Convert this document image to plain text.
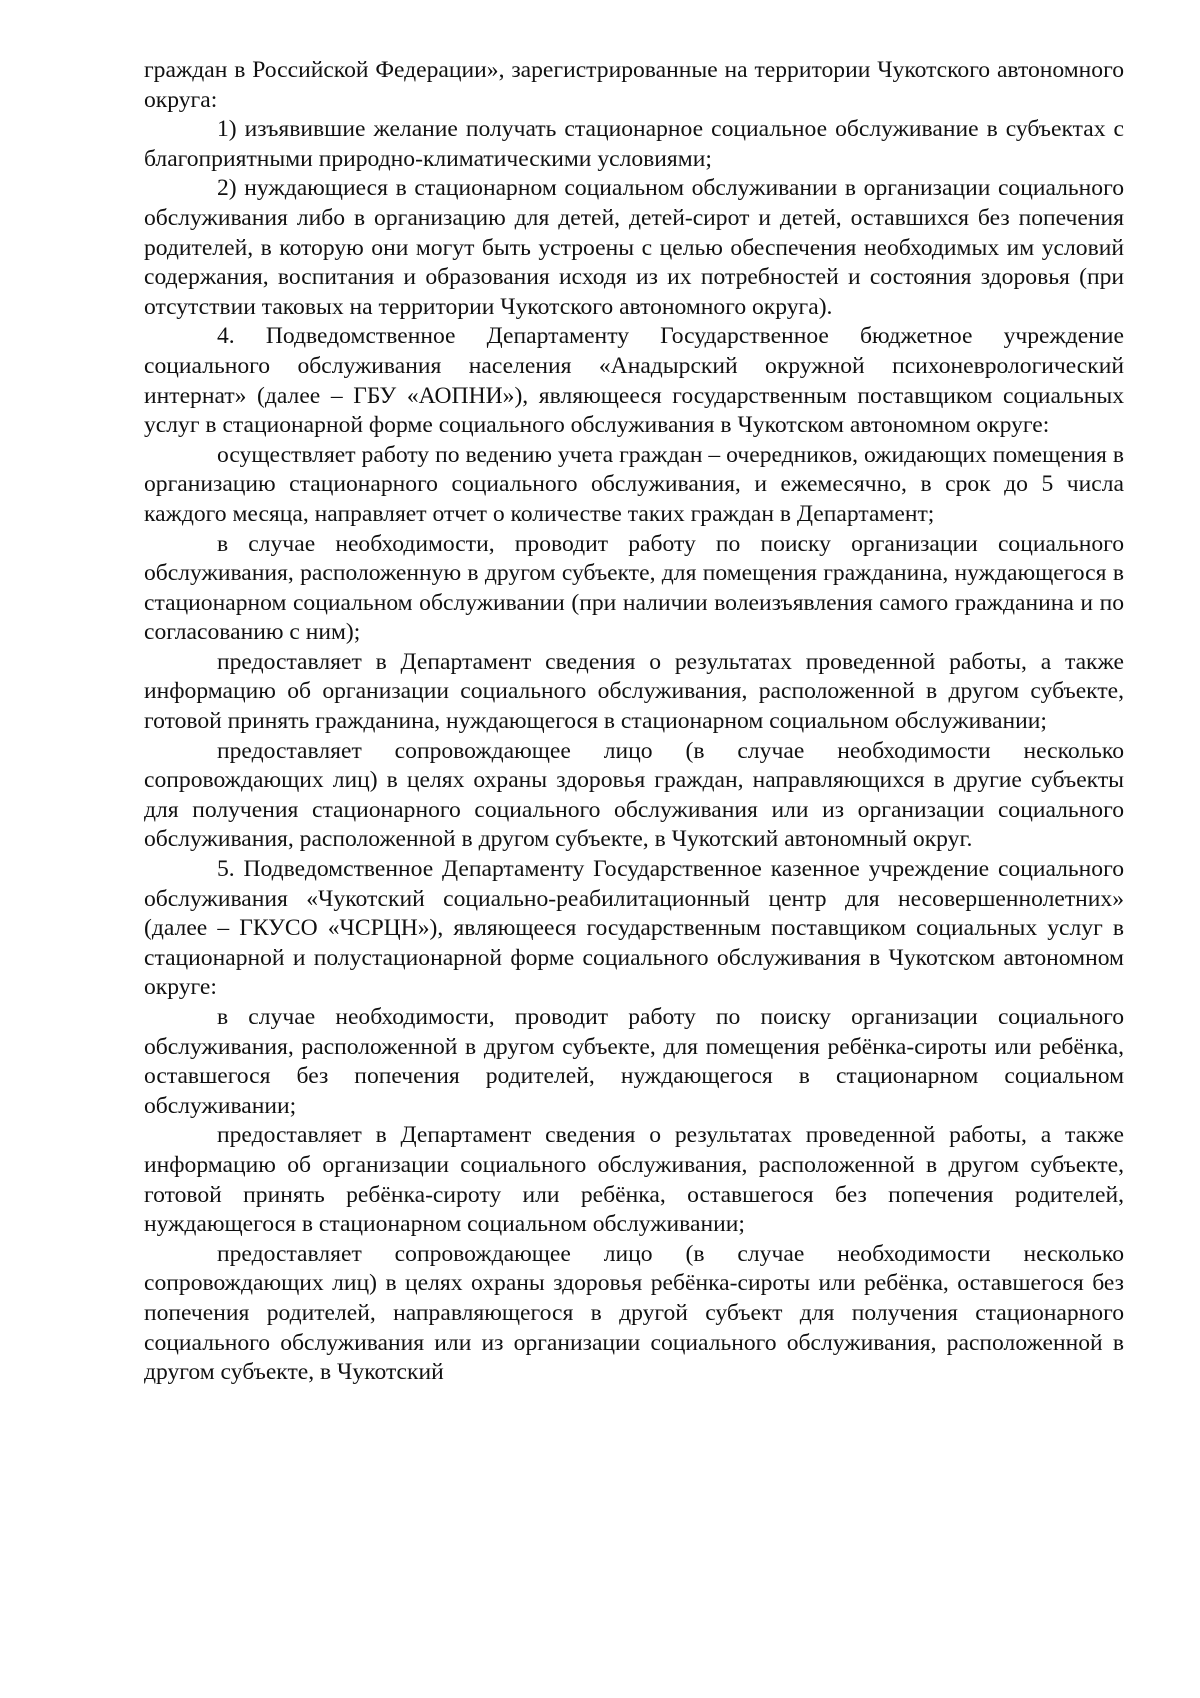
граждан в Российской Федерации», зарегистрированные на территории Чукотского автономного округа:

1) изъявившие желание получать стационарное социальное обслуживание в субъектах с благоприятными природно-климатическими условиями;

2) нуждающиеся в стационарном социальном обслуживании в организации социального обслуживания либо в организацию для детей, детей-сирот и детей, оставшихся без попечения родителей, в которую они могут быть устроены с целью обеспечения необходимых им условий содержания, воспитания и образования исходя из их потребностей и состояния здоровья (при отсутствии таковых на территории Чукотского автономного округа).

4. Подведомственное Департаменту Государственное бюджетное учреждение социального обслуживания населения «Анадырский окружной психоневрологический интернат» (далее – ГБУ «АОПНИ»), являющееся государственным поставщиком социальных услуг в стационарной форме социального обслуживания в Чукотском автономном округе:

осуществляет работу по ведению учета граждан – очередников, ожидающих помещения в организацию стационарного социального обслуживания, и ежемесячно, в срок до 5 числа каждого месяца, направляет отчет о количестве таких граждан в Департамент;

в случае необходимости, проводит работу по поиску организации социального обслуживания, расположенную в другом субъекте, для помещения гражданина, нуждающегося в стационарном социальном обслуживании (при наличии волеизъявления самого гражданина и по согласованию с ним);

предоставляет в Департамент сведения о результатах проведенной работы, а также информацию об организации социального обслуживания, расположенной в другом субъекте, готовой принять гражданина, нуждающегося в стационарном социальном обслуживании;

предоставляет сопровождающее лицо (в случае необходимости несколько сопровождающих лиц) в целях охраны здоровья граждан, направляющихся в другие субъекты для получения стационарного социального обслуживания или из организации социального обслуживания, расположенной в другом субъекте, в Чукотский автономный округ.

5. Подведомственное Департаменту Государственное казенное учреждение социального обслуживания «Чукотский социально-реабилитационный центр для несовершеннолетних» (далее – ГКУСО «ЧСРЦН»), являющееся государственным поставщиком социальных услуг в стационарной и полустационарной форме социального обслуживания в Чукотском автономном округе:

в случае необходимости, проводит работу по поиску организации социального обслуживания, расположенной в другом субъекте, для помещения ребёнка-сироты или ребёнка, оставшегося без попечения родителей, нуждающегося в стационарном социальном обслуживании;

предоставляет в Департамент сведения о результатах проведенной работы, а также информацию об организации социального обслуживания, расположенной в другом субъекте, готовой принять ребёнка-сироту или ребёнка, оставшегося без попечения родителей, нуждающегося в стационарном социальном обслуживании;

предоставляет сопровождающее лицо (в случае необходимости несколько сопровождающих лиц) в целях охраны здоровья ребёнка-сироты или ребёнка, оставшегося без попечения родителей, направляющегося в другой субъект для получения стационарного социального обслуживания или из организации социального обслуживания, расположенной в другом субъекте, в Чукотский
